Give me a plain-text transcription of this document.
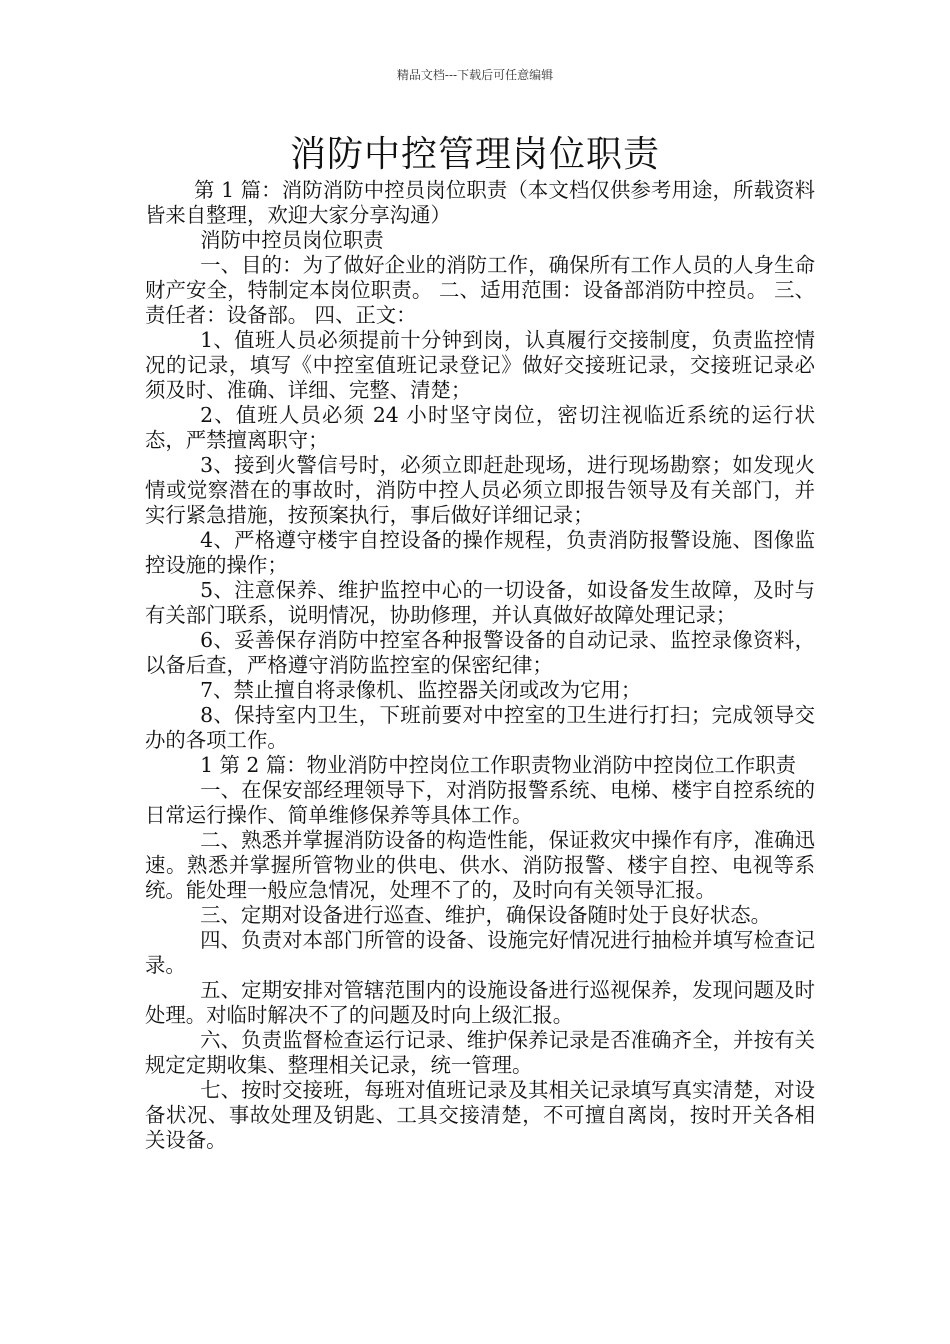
精品文档---下载后可任意编辑
消防中控管理岗位职责

第 1 篇：消防消防中控员岗位职责（本文档仅供参考用途，所载资料皆来自整理，欢迎大家分享沟通）

消防中控员岗位职责

一、目的：为了做好企业的消防工作，确保所有工作人员的人身生命财产安全，特制定本岗位职责。 二、适用范围：设备部消防中控员。 三、责任者：设备部。 四、正文：

1、值班人员必须提前十分钟到岗，认真履行交接制度，负责监控情况的记录，填写《中控室值班记录登记》做好交接班记录，交接班记录必须及时、准确、详细、完整、清楚；

2、值班人员必须 24 小时坚守岗位，密切注视临近系统的运行状态，严禁擅离职守；

3、接到火警信号时，必须立即赶赴现场，进行现场勘察；如发现火情或觉察潜在的事故时，消防中控人员必须立即报告领导及有关部门，并实行紧急措施，按预案执行，事后做好详细记录；

4、严格遵守楼宇自控设备的操作规程，负责消防报警设施、图像监控设施的操作；

5、注意保养、维护监控中心的一切设备，如设备发生故障，及时与有关部门联系，说明情况，协助修理，并认真做好故障处理记录；

6、妥善保存消防中控室各种报警设备的自动记录、监控录像资料，以备后查，严格遵守消防监控室的保密纪律；

7、禁止擅自将录像机、监控器关闭或改为它用；

8、保持室内卫生，下班前要对中控室的卫生进行打扫；完成领导交办的各项工作。

1 第 2 篇：物业消防中控岗位工作职责物业消防中控岗位工作职责

一、在保安部经理领导下，对消防报警系统、电梯、楼宇自控系统的日常运行操作、简单维修保养等具体工作。

二、熟悉并掌握消防设备的构造性能，保证救灾中操作有序，准确迅速。熟悉并掌握所管物业的供电、供水、消防报警、楼宇自控、电视等系统。能处理一般应急情况，处理不了的，及时向有关领导汇报。

三、定期对设备进行巡查、维护，确保设备随时处于良好状态。

四、负责对本部门所管的设备、设施完好情况进行抽检并填写检查记录。

五、定期安排对管辖范围内的设施设备进行巡视保养，发现问题及时处理。对临时解决不了的问题及时向上级汇报。

六、负责监督检查运行记录、维护保养记录是否准确齐全，并按有关规定定期收集、整理相关记录，统一管理。

七、按时交接班，每班对值班记录及其相关记录填写真实清楚，对设备状况、事故处理及钥匙、工具交接清楚，不可擅自离岗，按时开关各相关设备。
